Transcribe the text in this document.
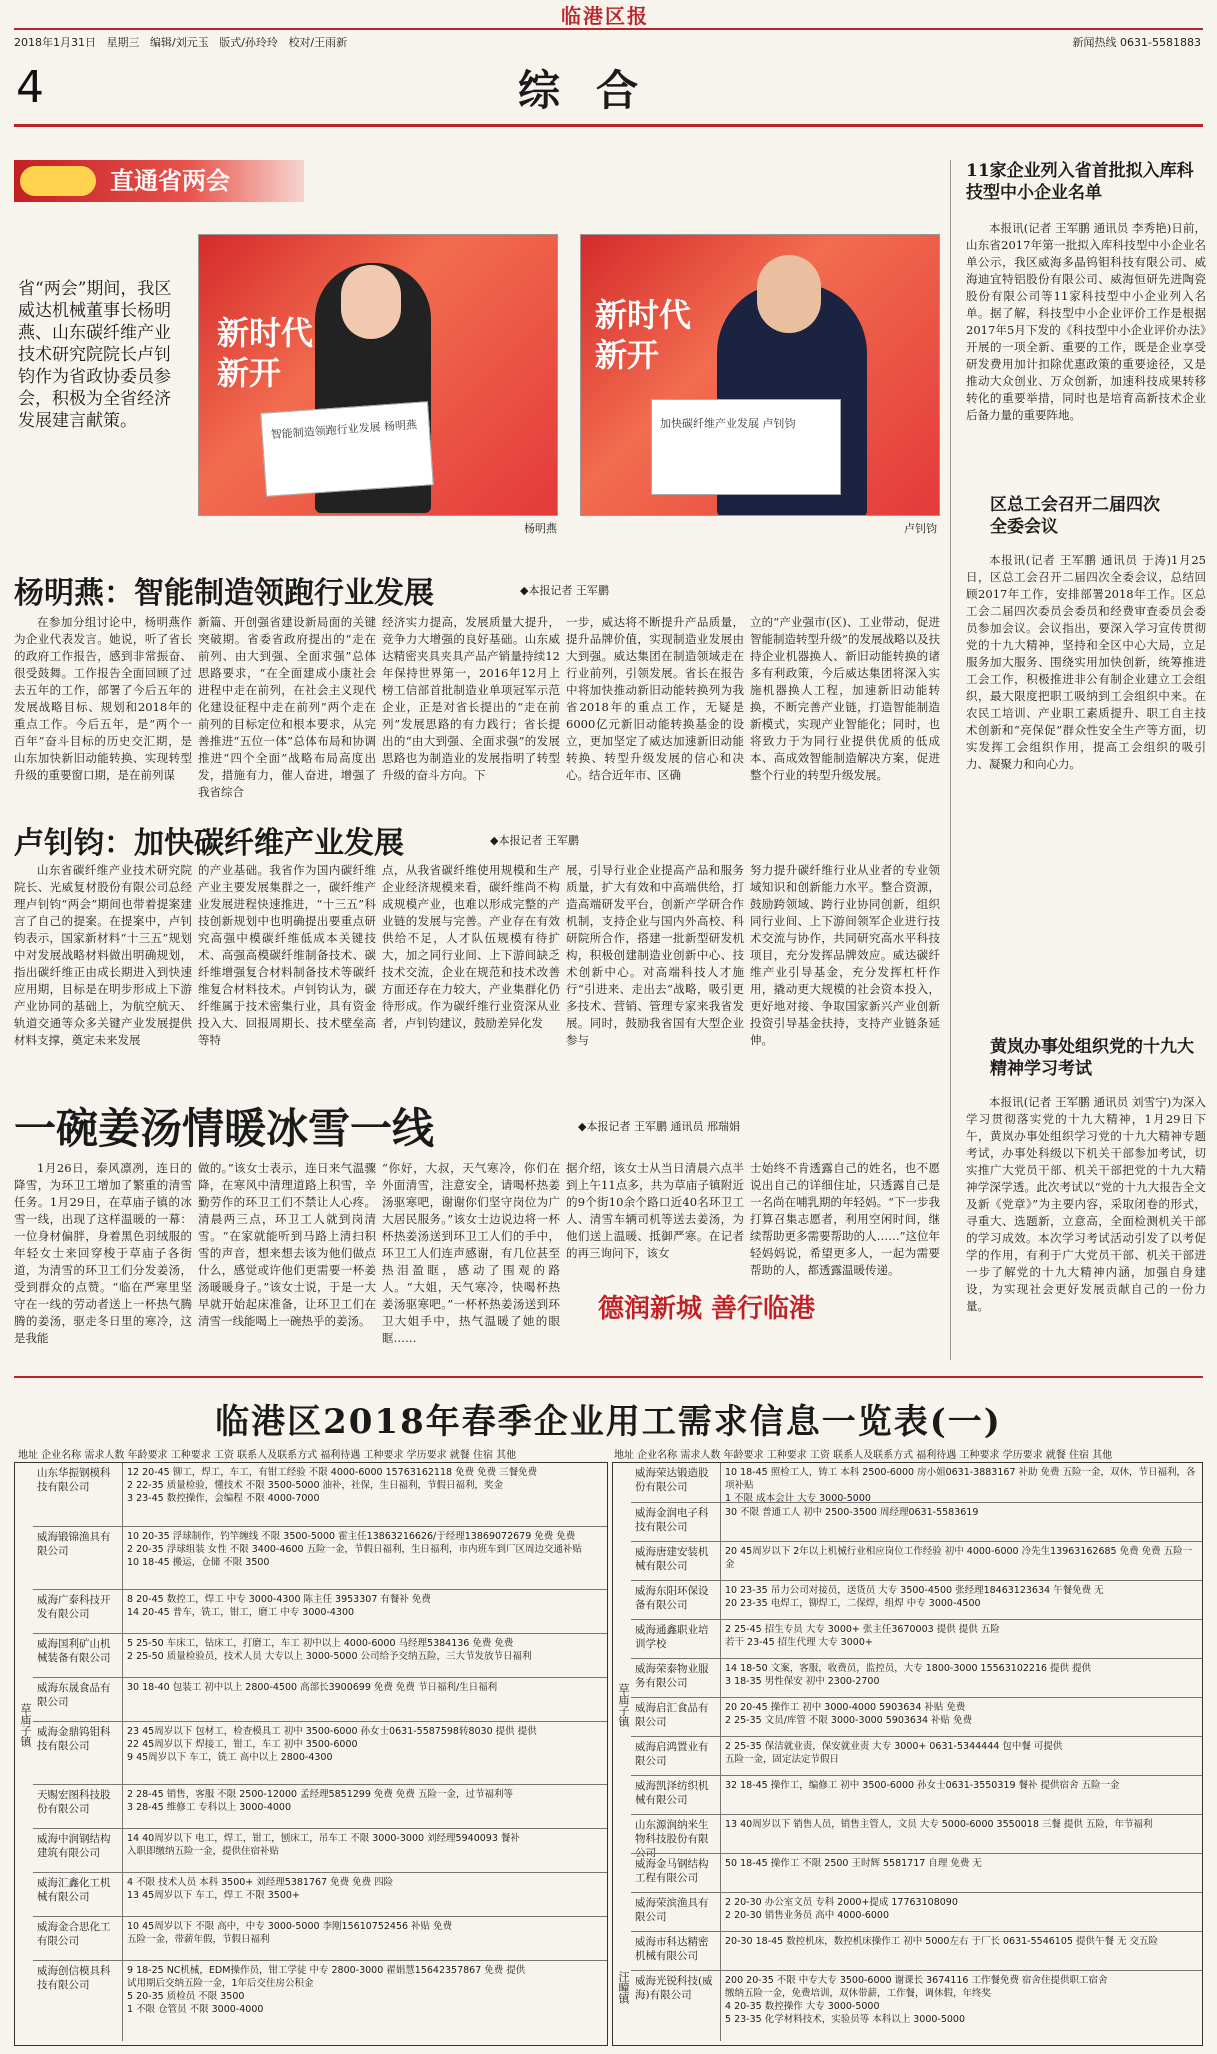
临港区报
2018年1月31日 星期三 编辑/刘元玉 版式/孙玲玲 校对/王雨新	新闻热线 0631-5581883
4	综合
直通省两会
省“两会”期间，我区威达机械董事长杨明燕、山东碳纤维产业技术研究院院长卢钊钧作为省政协委员参会，积极为全省经济发展建言献策。
新时代 新开
智能制造领跑行业发展 杨明燕
杨明燕
新时代 新开
加快碳纤维产业发展 卢钊钧
卢钊钧
杨明燕：智能制造领跑行业发展	◆本报记者 王军鹏
在参加分组讨论中，杨明燕作为企业代表发言。她说，听了省长的政府工作报告，感到非常振奋、很受鼓舞。工作报告全面回顾了过去五年的工作，部署了今后五年的发展战略目标、规划和2018年的重点工作。今后五年，是“两个一百年”奋斗目标的历史交汇期，是山东加快新旧动能转换、实现转型升级的重要窗口期，是在前列谋
新篇、开创强省建设新局面的关键突破期。省委省政府提出的“走在前列、由大到强、全面求强”总体思路要求，“在全面建成小康社会进程中走在前列，在社会主义现代化建设征程中走在前列”两个走在前列的目标定位和根本要求，从完善推进“五位一体”总体布局和协调推进“四个全面”战略布局高度出发，措施有力，催人奋进，增强了我省综合
经济实力提高，发展质量大提升，竞争力大增强的良好基础。山东威达精密夹具夹具产品产销量持续12年保持世界第一，2016年12月上榜工信部首批制造业单项冠军示范企业，正是对省长提出的“走在前列”发展思路的有力践行；省长提出的“由大到强、全面求强”的发展思路也为制造业的发展指明了转型升级的奋斗方向。下
一步，威达将不断提升产品质量，提升品牌价值，实现制造业发展由大到强。威达集团在制造领域走在行业前列，引领发展。省长在报告中将加快推动新旧动能转换列为我省2018年的重点工作，无疑是6000亿元新旧动能转换基金的设立，更加坚定了威达加速新旧动能转换、转型升级发展的信心和决心。结合近年市、区确
立的“产业强市(区)、工业带动，促进智能制造转型升级”的发展战略以及扶持企业机器换人、新旧动能转换的诸多有利政策，今后威达集团将深入实施机器换人工程，加速新旧动能转换，不断完善产业链，打造智能制造新模式，实现产业智能化；同时，也将致力于为同行业提供优质的低成本、高成效智能制造解决方案，促进整个行业的转型升级发展。
卢钊钧：加快碳纤维产业发展	◆本报记者 王军鹏
山东省碳纤维产业技术研究院院长、光威复材股份有限公司总经理卢钊钧“两会”期间也带着提案建言了自己的提案。在提案中，卢钊钧表示，国家新材料“十三五”规划中对发展战略材料做出明确规划，指出碳纤维正由成长期进入到快速应用期，目标是在明步形成上下游产业协同的基础上，为航空航天、轨道交通等众多关键产业发展提供材料支撑，奠定未来发展
的产业基础。我省作为国内碳纤维产业主要发展集群之一，碳纤维产业发展进程快速推进，“十三五”科技创新规划中也明确提出要重点研究高强中模碳纤维低成本关键技术、高强高模碳纤维制备技术、碳纤维增强复合材料制备技术等碳纤维复合材料技术。卢钊钧认为，碳纤维属于技术密集行业，具有资金投入大、回报周期长、技术壁垒高等特
点，从我省碳纤维使用规模和生产企业经济规模来看，碳纤维尚不构成规模产业，也难以形成完整的产业链的发展与完善。产业存在有效供给不足，人才队伍规模有待扩大，加之同行业间、上下游间缺乏技术交流，企业在规范和技术改善方面还存在力较大，产业集群化仍待形成。作为碳纤维行业资深从业者，卢钊钧建议，鼓励差异化发
展，引导行业企业提高产品和服务质量，扩大有效和中高端供给，打造高端研发平台，创新产学研合作机制，支持企业与国内外高校、科研院所合作，搭建一批新型研发机构，积极创建制造业创新中心、技术创新中心。对高端科技人才施行“引进来、走出去”战略，吸引更多技术、营销、管理专家来我省发展。同时，鼓励我省国有大型企业参与
努力提升碳纤维行业从业者的专业领域知识和创新能力水平。整合资源，鼓励跨领域、跨行业协同创新，组织同行业间、上下游间领军企业进行技术交流与协作，共同研究高水平科技项目，充分发挥品牌效应。威达碳纤维产业引导基金，充分发挥杠杆作用，撬动更大规模的社会资本投入，更好地对接、争取国家新兴产业创新投资引导基金扶持，支持产业链条延伸。
一碗姜汤情暖冰雪一线	◆本报记者 王军鹏 通讯员 邢瑞娟
1月26日，泰风凛冽，连日的降雪，为环卫工增加了繁重的清雪任务。1月29日，在草庙子镇的冰雪一线，出现了这样温暖的一幕：一位身材偏胖，身着黑色羽绒服的年轻女士来回穿梭于草庙子各街道，为清雪的环卫工们分发姜汤，受到群众的点赞。“临在严寒里坚守在一线的劳动者送上一杯热气腾腾的姜汤，驱走冬日里的寒冷，这是我能
做的。”该女士表示，连日来气温骤降，在寒风中清理道路上积雪，辛勤劳作的环卫工们不禁让人心疼。清晨两三点，环卫工人就到岗清雪。“在家就能听到马路上清扫积雪的声音，想来想去该为他们做点什么，感觉或许他们更需要一杯姜汤暖暖身子。”该女士说，于是一大早就开始起床准备，让环卫工们在清雪一线能喝上一碗热乎的姜汤。
“你好，大叔，天气寒冷，你们在外面清雪，注意安全，请喝杯热姜汤驱寒吧，谢谢你们坚守岗位为广大居民服务。”该女士边说边将一杯杯热姜汤送到环卫工人们的手中，环卫工人们连声感谢，有几位甚至热泪盈眶，感动了围观的路人。“大姐，天气寒冷，快喝杯热姜汤驱寒吧。”一杯杯热姜汤送到环卫大姐手中，热气温暖了她的眼眶……
据介绍，该女士从当日清晨六点半到上午11点多，共为草庙子镇附近的9个街10余个路口近40名环卫工人、清雪车辆司机等送去姜汤，为他们送上温暖、抵御严寒。在记者的再三询问下，该女
士始终不肯透露自己的姓名，也不愿说出自己的详细住址，只透露自己是一名尚在哺乳期的年轻妈。“下一步我打算召集志愿者，利用空闲时间，继续帮助更多需要帮助的人……”这位年轻妈妈说，希望更多人，一起为需要帮助的人，都透露温暖传递。
德润新城 善行临港
11家企业列入省首批拟入库科技型中小企业名单
本报讯(记者 王军鹏 通讯员 李秀艳)日前，山东省2017年第一批拟入库科技型中小企业名单公示，我区威海多晶钨钼科技有限公司、威海迪宜特铝股份有限公司、威海恒研先进陶瓷股份有限公司等11家科技型中小企业列入名单。据了解，科技型中小企业评价工作是根据2017年5月下发的《科技型中小企业评价办法》开展的一项全新、重要的工作，既是企业享受研发费用加计扣除优惠政策的重要途径，又是推动大众创业、万众创新，加速科技成果转移转化的重要举措，同时也是培育高新技术企业后备力量的重要阵地。
区总工会召开二届四次全委会议
本报讯(记者 王军鹏 通讯员 于涛)1月25日，区总工会召开二届四次全委会议，总结回顾2017年工作，安排部署2018年工作。区总工会二届四次委员会委员和经费审查委员会委员参加会议。会议指出，要深入学习宣传贯彻党的十九大精神，坚持和全区中心大局，立足服务加大服务、围绕实用加快创新，统筹推进工会工作，积极推进非公有制企业建立工会组织，最大限度把职工吸纳到工会组织中来。在农民工培训、产业职工素质提升、职工自主技术创新和“亮保促”群众性安全生产等方面，切实发挥工会组织作用，提高工会组织的吸引力、凝聚力和向心力。
黄岚办事处组织党的十九大精神学习考试
本报讯(记者 王军鹏 通讯员 刘雪宁)为深入学习贯彻落实党的十九大精神，1月29日下午，黄岚办事处组织学习党的十九大精神专题考试，办事处科级以下机关干部参加考试，切实推广大党员干部、机关干部把党的十九大精神学深学透。此次考试以“党的十九大报告全文及新《党章》”为主要内容，采取闭卷的形式，寻重大、选题新，立意高，全面检测机关干部的学习成效。本次学习考试活动引发了以考促学的作用，有利于广大党员干部、机关干部进一步了解党的十九大精神内涵，加强自身建设，为实现社会更好发展贡献自己的一份力量。
临港区2018年春季企业用工需求信息一览表(一)
地址 企业名称 需求人数 年龄要求 工种要求 工资 联系人及联系方式 福利待遇 工种要求 学历要求 就餐 住宿 其他	地址 企业名称 需求人数 年龄要求 工种要求 工资 联系人及联系方式 福利待遇 工种要求 学历要求 就餐 住宿 其他
草庙子镇
山东华振钢模科技有限公司
12 20-45 铆工，焊工，车工，有钳工经验 不限 4000-6000 15763162118 免费 免费 三餐免费
2 22-35 质量检验，懂技术 不限 3500-5000 油补，社保，生日福利，节假日福利，奖金
3 23-45 数控操作，会编程 不限 4000-7000
威海锻锦渔具有限公司
10 20-35 浮球制作，钓竿缠线 不限 3500-5000 霍主任13863216626/于经理13869072679 免费 免费
2 20-35 浮球组装 女性 不限 3400-4600 五险一金，节假日福利，生日福利，市内班车到厂区周边交通补贴
10 18-45 搬运，仓储 不限 3500
威海广泰科技开发有限公司
8 20-45 数控工，焊工 中专 3000-4300 陈主任 3953307 有餐补 免费
14 20-45 普车，铣工，钳工，磨工 中专 3000-4300
威海国利矿山机械装备有限公司
5 25-50 车床工，钻床工，打磨工，车工 初中以上 4000-6000 马经理5384136 免费 免费
2 25-50 质量检验员，技术人员 大专以上 3000-5000 公司给予交纳五险，三大节发放节日福利
威海东晟食品有限公司
30 18-40 包装工 初中以上 2800-4500 高部长3900699 免费 免费 节日福利/生日福利
威海金鼎钨钼科技有限公司
23 45周岁以下 包材工，检查模具工 初中 3500-6000 孙女士0631-5587598转8030 提供 提供
22 45周岁以下 焊接工，钳工，车工 初中 3500-6000
9 45周岁以下 车工，铣工 高中以上 2800-4300
天赐宏图科技股份有限公司
2 28-45 销售，客服 不限 2500-12000 孟经理5851299 免费 免费 五险一金，过节福利等
3 28-45 维修工 专科以上 3000-4000
威海中润钢结构建筑有限公司
14 40周岁以下 电工，焊工，钳工，刨床工，吊车工 不限 3000-3000 刘经理5940093 餐补
入职即缴纳五险一金，提供住宿补贴
威海汇鑫化工机械有限公司
4 不限 技术人员 本科 3500+ 刘经理5381767 免费 免费 四险
13 45周岁以下 车工，焊工 不限 3500+
威海金合思化工有限公司
10 45周岁以下 不限 高中，中专 3000-5000 李刚15610752456 补贴 免费
五险一金，带薪年假，节假日福利
威海创信模具科技有限公司
9 18-25 NC机械，EDM操作员，钳工学徒 中专 2800-3000 翟娟慧15642357867 免费 提供
试用期后交纳五险一金，1年后交住房公积金
5 20-35 质检员 不限 3500
1 不限 仓管员 不限 3000-4000
草庙子镇
汪疃镇
威海荣达锻造股份有限公司
10 18-45 照检工人，铸工 本科 2500-6000 房小姐0631-3883167 补助 免费 五险一金，双休，节日福利，各项补贴
1 不限 成本会计 大专 3000-5000
威海金润电子科技有限公司
30 不限 普通工人 初中 2500-3500 周经理0631-5583619
威海唐建安装机械有限公司
20 45周岁以下 2年以上机械行业相应岗位工作经验 初中 4000-6000 冷先生13963162685 免费 免费 五险一金
威海东阳环保设备有限公司
10 23-35 吊力公司对接员，送货员 大专 3500-4500 张经理18463123634 午餐免费 无
20 23-35 电焊工，铆焊工，二保焊，组焊 中专 3000-4500
威海通鑫职业培训学校
2 25-45 招生专员 大专 3000+ 张主任3670003 提供 提供 五险
若干 23-45 招生代理 大专 3000+
威海荣泰物业服务有限公司
14 18-50 文案，客服，收费员，监控员，大专 1800-3000 15563102216 提供 提供
3 18-35 男性保安 初中 2300-2700
威海启汇食品有限公司
20 20-45 操作工 初中 3000-4000 5903634 补贴 免费
2 25-35 文员/库管 不限 3000-3000 5903634 补贴 免费
威海启鸿置业有限公司
2 25-35 保洁就业责，保安就业责 大专 3000+ 0631-5344444 包中餐 可提供
五险一金，固定法定节假日
威海凯泽纺织机械有限公司
32 18-45 操作工，编修工 初中 3500-6000 孙女士0631-3550319 餐补 提供宿舍 五险一金
山东源润纳米生物科技股份有限公司
13 40周岁以下 销售人员，销售主管人，文员 大专 5000-6000 3550018 三餐 提供 五险，年节福利
威海金马钢结构工程有限公司
50 18-45 操作工 不限 2500 王时辉 5581717 自理 免费 无
威海荣滨渔具有限公司
2 20-30 办公室文员 专科 2000+提成 17763108090
2 20-30 销售业务员 高中 4000-6000
威海市科达精密机械有限公司
20-30 18-45 数控机床，数控机床操作工 初中 5000左右 于厂长 0631-5546105 提供午餐 无 交五险
威海光锐科技(威海)有限公司
200 20-35 不限 中专大专 3500-6000 谢课长 3674116 工作餐免费 宿舍住提供职工宿舍
缴纳五险一金，免费培训，双休带薪，工作餐，调休假，年终奖
4 20-35 数控操作 大专 3000-5000
5 23-35 化学材料技术，实验员等 本科以上 3000-5000
